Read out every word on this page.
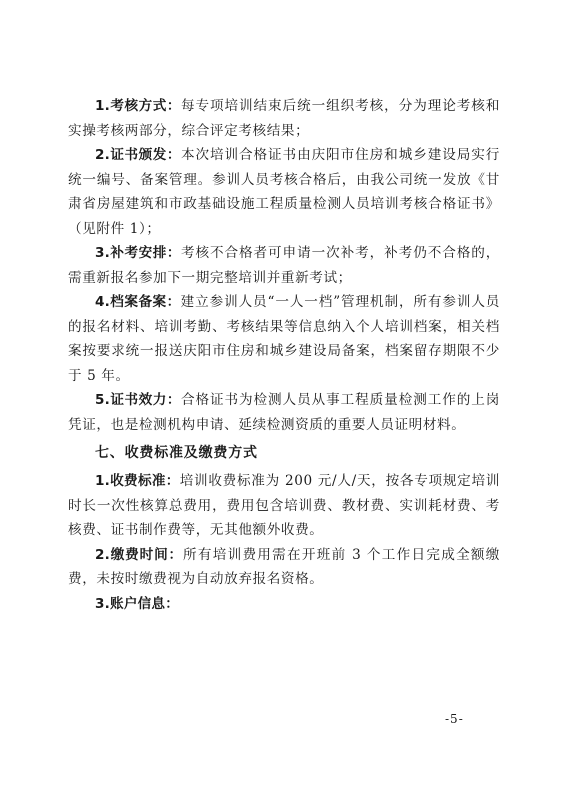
1.考核方式：每专项培训结束后统一组织考核，分为理论考核和实操考核两部分，综合评定考核结果；

2.证书颁发：本次培训合格证书由庆阳市住房和城乡建设局实行统一编号、备案管理。参训人员考核合格后，由我公司统一发放《甘肃省房屋建筑和市政基础设施工程质量检测人员培训考核合格证书》（见附件 1）；

3.补考安排：考核不合格者可申请一次补考，补考仍不合格的，需重新报名参加下一期完整培训并重新考试；

4.档案备案：建立参训人员“一人一档”管理机制，所有参训人员的报名材料、培训考勤、考核结果等信息纳入个人培训档案，相关档案按要求统一报送庆阳市住房和城乡建设局备案，档案留存期限不少于 5 年。

5.证书效力：合格证书为检测人员从事工程质量检测工作的上岗凭证，也是检测机构申请、延续检测资质的重要人员证明材料。

七、收费标准及缴费方式

1.收费标准：培训收费标准为 200 元/人/天，按各专项规定培训时长一次性核算总费用，费用包含培训费、教材费、实训耗材费、考核费、证书制作费等，无其他额外收费。

2.缴费时间：所有培训费用需在开班前 3 个工作日完成全额缴费，未按时缴费视为自动放弃报名资格。

3.账户信息：

-5-
